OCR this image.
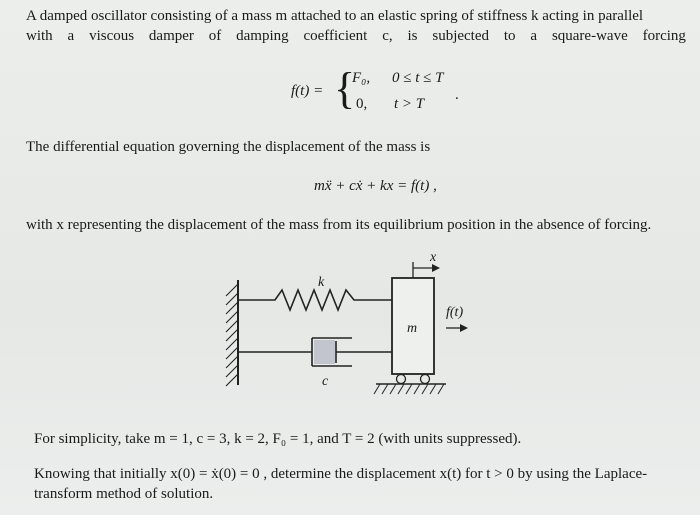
A damped oscillator consisting of a mass m attached to an elastic spring of stiffness k acting in parallel
with a viscous damper of damping coefficient c, is subjected to a square-wave forcing
f(t) = {
F₀, 0 ≤ t ≤ T
0, t > T
.
The differential equation governing the displacement of the mass is
mẍ + cẋ + kx = f(t) ,
with x representing the displacement of the mass from its equilibrium position in the absence of forcing.
k
c
m
x
f(t)
For simplicity, take m = 1, c = 3, k = 2, F₀ = 1, and T = 2 (with units suppressed).
Knowing that initially x(0) = ẋ(0) = 0 , determine the displacement x(t) for t > 0 by using the Laplace-
transform method of solution.
